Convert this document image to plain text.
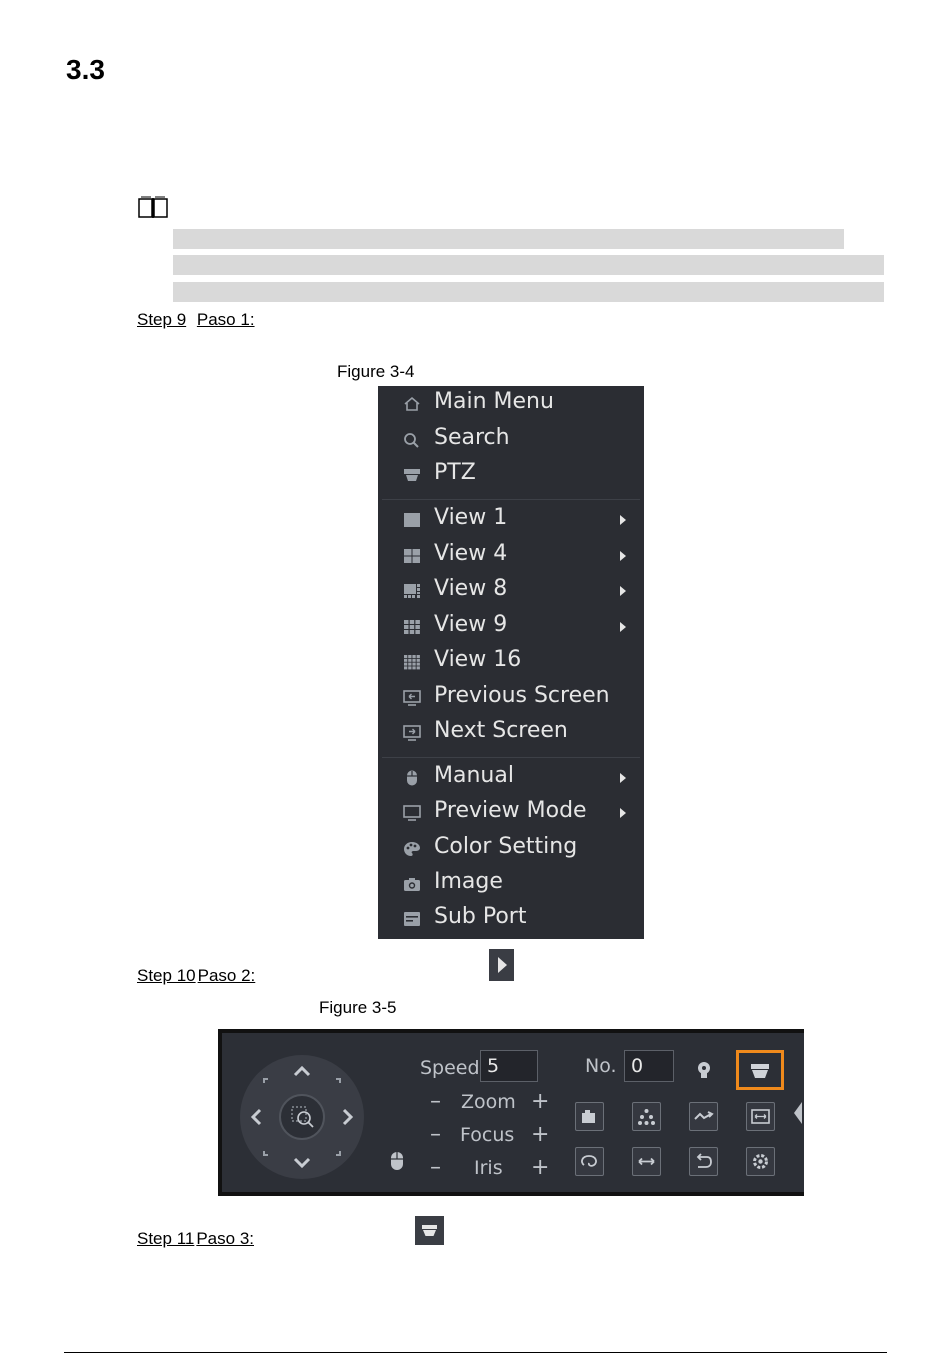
3.3
Step 9 Paso 1:
Figure 3-4
Main Menu
Search
PTZ
View 1
View 4
View 8
View 9
View 16
Previous Screen
Next Screen
Manual
Preview Mode
Color Setting
Image
Sub Port
Step 10 Paso 2:
Figure 3-5
Speed 5	No. 0
– Zoom +
– Focus +
– Iris +
Step 11 Paso 3:
